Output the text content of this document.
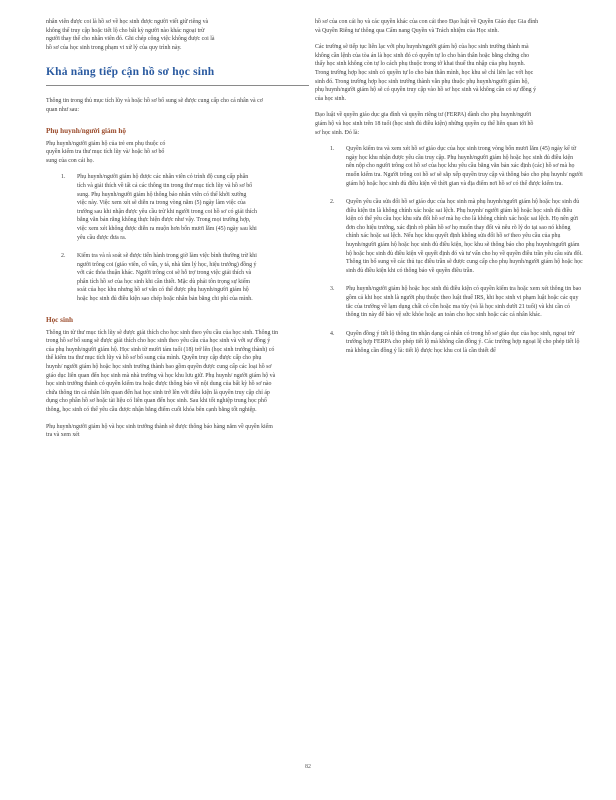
nhân viên được coi là hồ sơ về học sinh được người viết giữ riêng và không thể truy cập hoặc tiết lộ cho bất kỳ người nào khác ngoại trừ người thay thế cho nhân viên đó. Ghi chép công việc không được coi là hồ sơ của học sinh trong phạm vi xử lý của quy trình này.

Khả năng tiếp cận hồ sơ học sinh

Thông tin trong thủ mục tích lũy và hoặc hồ sơ bổ sung sẽ được cung cấp cho cá nhân và cơ quan như sau:

Phụ huynh/người giám hộ

Phụ huynh/người giám hộ của trẻ em phụ thuộc có quyền kiểm tra thư mục tích lũy và/ hoặc hồ sơ bổ sung của con cái họ.

1. Phụ huynh/người giám hộ được các nhân viên có trình độ cung cấp phân tích và giải thích về tất cả các thông tin trong thư mục tích lũy và hồ sơ bổ sung. Phụ huynh/người giám hộ thông báo nhân viên có thể khởi xướng việc này. Việc xem xét sẽ diễn ra trong vòng năm (5) ngày làm việc của trường sau khi nhận được yêu cầu trừ khi người trong coi hồ sơ có giải thích bằng văn bản rằng không thực hiện được như vậy. Trong mọi trường hợp, việc xem xét không được diễn ra muộn hơn bốn mươi lăm (45) ngày sau khi yêu cầu được đưa ra.
2. Kiểm tra và rà soát sẽ được tiến hành trong giờ làm việc bình thường trừ khi người trông coi (giáo viên, cố vấn, y tá, nhà tâm lý học, hiệu trưởng) đồng ý với các thỏa thuận khác. Người trông coi sẽ hỗ trợ trong việc giải thích và phân tích hồ sơ của học sinh khi cần thiết. Mặc dù phải tôn trọng sự kiểm soát của học khu nhưng hồ sơ vẫn có thể được phụ huynh/người giám hộ hoặc học sinh đủ điều kiện sao chép hoặc nhân bản bằng chi phí của mình.
Học sinh

Thông tin từ thư mục tích lũy sẽ được giải thích cho học sinh theo yêu cầu của học sinh. Thông tin trong hồ sơ bổ sung sẽ được giải thích cho học sinh theo yêu cầu của học sinh và với sự đồng ý của phụ huynh/người giám hộ. Học sinh từ mười tám tuổi (18) trở lên (học sinh trưởng thành) có thể kiểm tra thư mục tích lũy và hồ sơ bổ sung của mình. Quyền truy cập được cấp cho phụ huynh/ người giám hộ hoặc học sinh trưởng thành bao gồm quyền được cung cấp các loại hồ sơ giáo dục liên quan đến học sinh mà nhà trường và học khu lưu giữ. Phụ huynh/ người giám hộ và học sinh trưởng thành có quyền kiểm tra hoặc được thông báo về nội dung của bất kỳ hồ sơ nào chứa thông tin cá nhân liên quan đến hai học sinh trở lên với điều kiện là quyền truy cập chỉ áp dụng cho phần hồ sơ hoặc tài liệu có liên quan đến học sinh. Sau khi tốt nghiệp trung học phổ thông, học sinh có thể yêu cầu được nhận bằng điểm cuối khóa bên cạnh bằng tốt nghiệp.

Phụ huynh/người giám hộ và học sinh trưởng thành sẽ được thông báo hàng năm về quyền kiểm tra và xem xét

hồ sơ của con cái họ và các quyền khác của con cái theo Đạo luật về Quyền Giáo dục Gia đình và Quyền Riêng tư thông qua Cẩm nang Quyền và Trách nhiệm của Học sinh.

Các trường sẽ tiếp tục liên lạc với phụ huynh/người giám hộ của học sinh trưởng thành mà không cần lệnh của tòa án là học sinh đó có quyền tự lo cho bản thân hoặc bằng chứng cho thấy học sinh không còn tự lo cách phụ thuộc trong tờ khai thuế thu nhập của phụ huynh. Trong trường hợp học sinh có quyền tự lo cho bản thân mình, học khu sẽ chỉ liên lạc với học sinh đó. Trong trường hợp học sinh trưởng thành vẫn phụ thuộc phụ huynh/người giám hộ, phụ huynh/người giám hộ sẽ có quyền truy cập vào hồ sơ học sinh và không cần có sự đồng ý của học sinh.

Đạo luật về quyền giáo dục gia đình và quyền riêng tư (FERPA) dành cho phụ huynh/người giám hộ và học sinh trên 18 tuổi (học sinh đủ điều kiện) những quyền cụ thể liên quan tới hồ sơ học sinh. Đó là:

1. Quyền kiểm tra và xem xét hồ sơ giáo dục của học sinh trong vòng bốn mươi lăm (45) ngày kể từ ngày học khu nhận được yêu cầu truy cập. Phụ huynh/người giám hộ hoặc học sinh đủ điều kiện nên nộp cho người trông coi hồ sơ của học khu yêu cầu bằng văn bản xác định (các) hồ sơ mà họ muốn kiểm tra. Người trông coi hồ sơ sẽ sắp xếp quyền truy cập và thông báo cho phụ huynh/ người giám hộ hoặc học sinh đủ điều kiện về thời gian và địa điểm nơi hồ sơ có thể được kiểm tra.
2. Quyền yêu cầu sửa đổi hồ sơ giáo dục của học sinh mà phụ huynh/người giám hộ hoặc học sinh đủ điều kiện tin là không chính xác hoặc sai lệch. Phụ huynh/ người giám hộ hoặc học sinh đủ điều kiện có thể yêu cầu học khu sửa đổi hồ sơ mà họ cho là không chính xác hoặc sai lệch. Họ nên gửi đơn cho hiệu trưởng, xác định rõ phần hồ sơ họ muốn thay đổi và nêu rõ lý do tại sao nó không chính xác hoặc sai lệch. Nếu học khu quyết định không sửa đổi hồ sơ theo yêu cầu của phụ huynh/người giám hộ hoặc học sinh đủ điều kiện, học khu sẽ thông báo cho phụ huynh/người giám hộ hoặc học sinh đủ điều kiện về quyết định đó và tư vấn cho họ về quyền điều trần yêu cầu sửa đổi. Thông tin bổ sung về các thủ tục điều trần sẽ được cung cấp cho phụ huynh/người giám hộ hoặc học sinh đủ điều kiện khi có thông báo về quyền điều trần.
3. Phụ huynh/người giám hộ hoặc học sinh đủ điều kiện có quyền kiểm tra hoặc xem xét thông tin bao gồm cả khi học sinh là người phụ thuộc theo luật thuế IRS, khi học sinh vi phạm luật hoặc các quy tắc của trường về lạm dụng chất có cồn hoặc ma túy (và là học sinh dưới 21 tuổi) và khi cần có thông tin này để bảo vệ sức khỏe hoặc an toàn cho học sinh hoặc các cá nhân khác.
4. Quyền đồng ý tiết lộ thông tin nhận dạng cá nhân có trong hồ sơ giáo dục của học sinh, ngoại trừ trường hợp FERPA cho phép tiết lộ mà không cần đồng ý. Các trường hợp ngoại lệ cho phép tiết lộ mà không cần đồng ý là: tiết lộ được học khu coi là cần thiết để
82
